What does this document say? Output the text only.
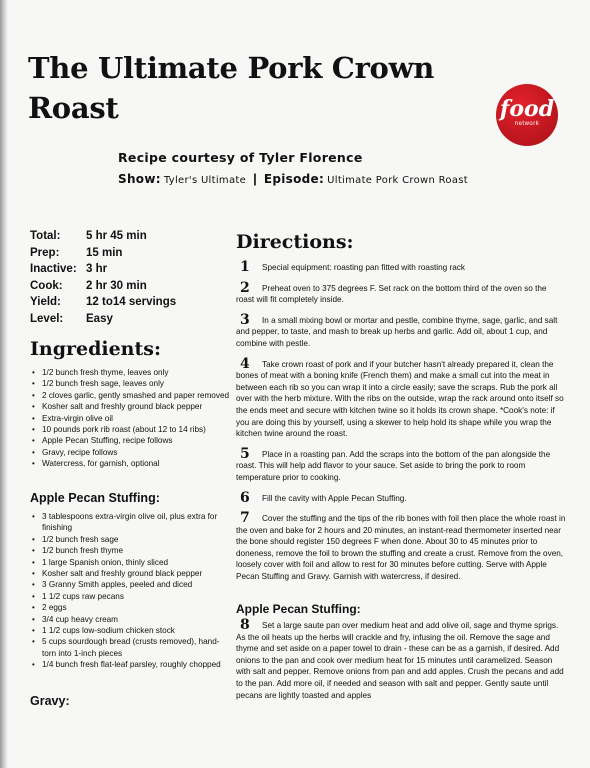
The Ultimate Pork Crown Roast	food
network
Recipe courtesy of Tyler Florence
Show: Tyler's Ultimate | Episode: Ultimate Pork Crown Roast
Total:	5 hr 45 min
Prep:	15 min
Inactive: 3 hr
Cook:	2 hr 30 min
Yield:	12 to14 servings
Level:	Easy
Ingredients:
• 1/2 bunch fresh thyme, leaves only
• 1/2 bunch fresh sage, leaves only
• 2 cloves garlic, gently smashed and paper removed
• Kosher salt and freshly ground black pepper
• Extra-virgin olive oil
• 10 pounds pork rib roast (about 12 to 14 ribs)
• Apple Pecan Stuffing, recipe follows
• Gravy, recipe follows
• Watercress, for garnish, optional
Apple Pecan Stuffing:
• 3 tablespoons extra-virgin olive oil, plus extra for finishing
• 1/2 bunch fresh sage
• 1/2 bunch fresh thyme
• 1 large Spanish onion, thinly sliced
• Kosher salt and freshly ground black pepper
• 3 Granny Smith apples, peeled and diced
• 1 1/2 cups raw pecans
• 2 eggs
• 3/4 cup heavy cream
• 1 1/2 cups low-sodium chicken stock
• 5 cups sourdough bread (crusts removed), hand-torn into 1-inch pieces
• 1/4 bunch fresh flat-leaf parsley, roughly chopped
Gravy:
Directions:

1 Special equipment: roasting pan fitted with roasting rack

2 Preheat oven to 375 degrees F. Set rack on the bottom third of the oven so the roast will fit completely inside.

3 In a small mixing bowl or mortar and pestle, combine thyme, sage, garlic, and salt and pepper, to taste, and mash to break up herbs and garlic. Add oil, about 1 cup, and combine with pestle.

4 Take crown roast of pork and if your butcher hasn't already prepared it, clean the bones of meat with a boning knife (French them) and make a small cut into the meat in between each rib so you can wrap it into a circle easily; save the scraps. Rub the pork all over with the herb mixture. With the ribs on the outside, wrap the rack around onto itself so the ends meet and secure with kitchen twine so it holds its crown shape. *Cook's note: if you are doing this by yourself, using a skewer to help hold its shape while you wrap the kitchen twine around the roast.

5 Place in a roasting pan. Add the scraps into the bottom of the pan alongside the roast. This will help add flavor to your sauce. Set aside to bring the pork to room temperature prior to cooking.

6 Fill the cavity with Apple Pecan Stuffing.

7 Cover the stuffing and the tips of the rib bones with foil then place the whole roast in the oven and bake for 2 hours and 20 minutes, an instant-read thermometer inserted near the bone should register 150 degrees F when done. About 30 to 45 minutes prior to doneness, remove the foil to brown the stuffing and create a crust. Remove from the oven, loosely cover with foil and allow to rest for 30 minutes before cutting. Serve with Apple Pecan Stuffing and Gravy. Garnish with watercress, if desired.

Apple Pecan Stuffing:

8 Set a large saute pan over medium heat and add olive oil, sage and thyme sprigs. As the oil heats up the herbs will crackle and fry, infusing the oil. Remove the sage and thyme and set aside on a paper towel to drain - these can be as a garnish, if desired. Add onions to the pan and cook over medium heat for 15 minutes until caramelized. Season with salt and pepper. Remove onions from pan and add apples. Crush the pecans and add to the pan. Add more oil, if needed and season with salt and pepper. Gently saute until pecans are lightly toasted and apples
